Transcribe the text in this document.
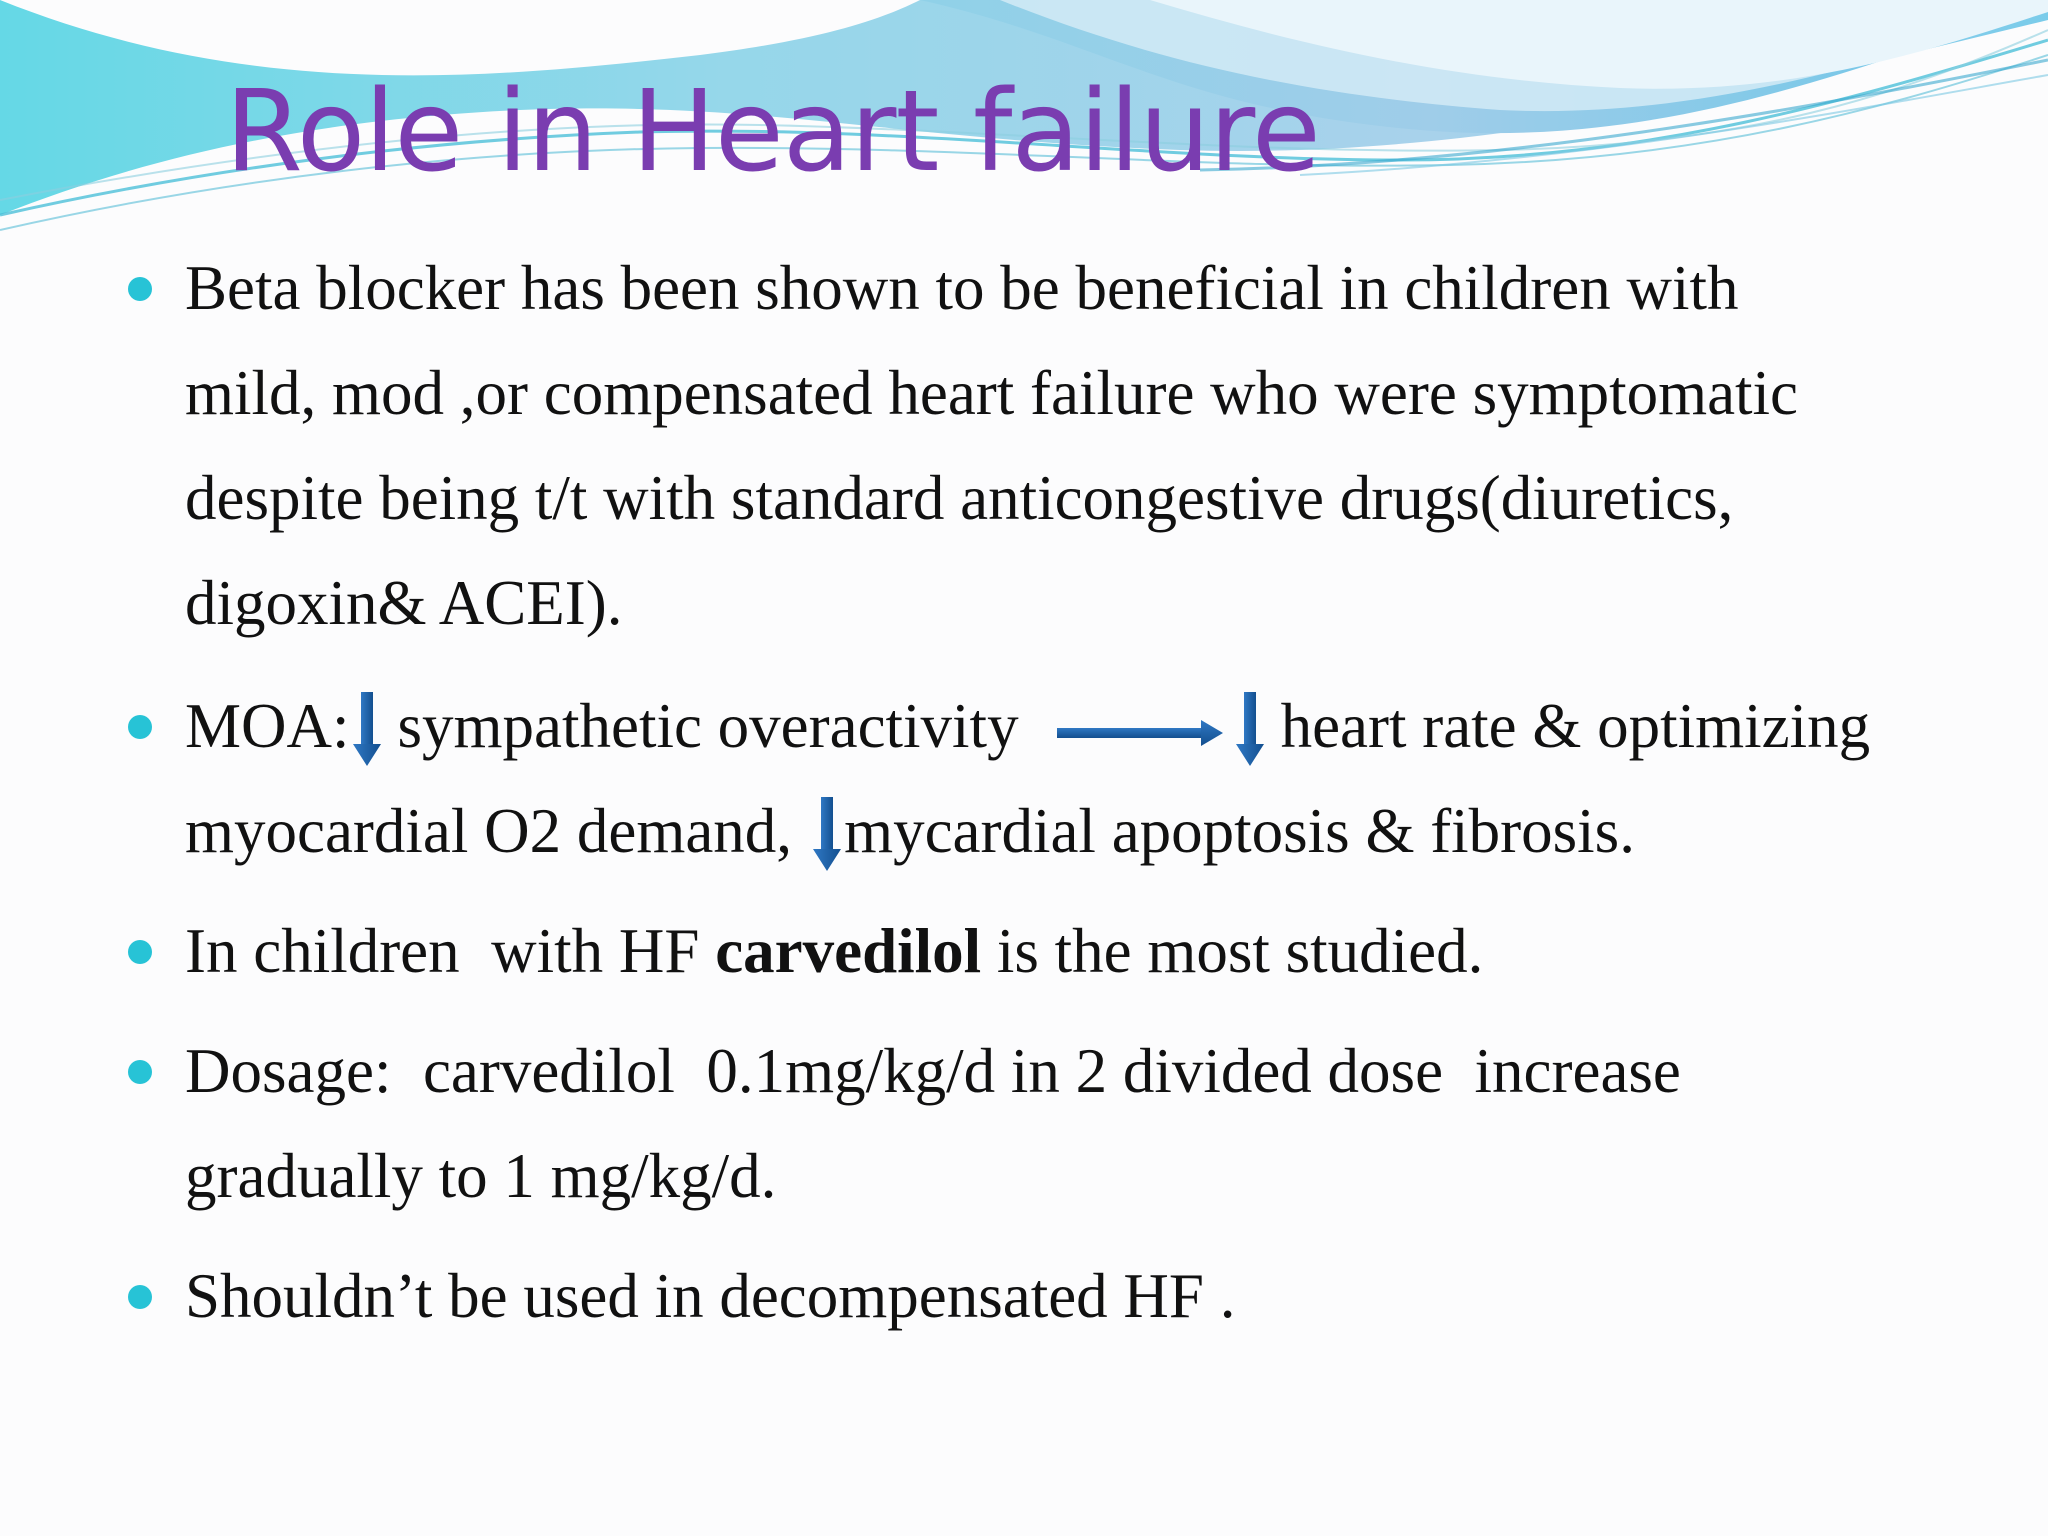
Role in Heart failure
Beta blocker has been shown to be beneficial in children with
mild, mod ,or compensated heart failure who were symptomatic
despite being t/t with standard anticongestive drugs(diuretics,
digoxin& ACEI).
MOA: sympathetic overactivity	heart rate & optimizing
myocardial O2 demand, mycardial apoptosis & fibrosis.
In children  with HF carvedilol is the most studied.
Dosage:  carvedilol  0.1mg/kg/d in 2 divided dose  increase
gradually to 1 mg/kg/d.
Shouldn’t be used in decompensated HF .
